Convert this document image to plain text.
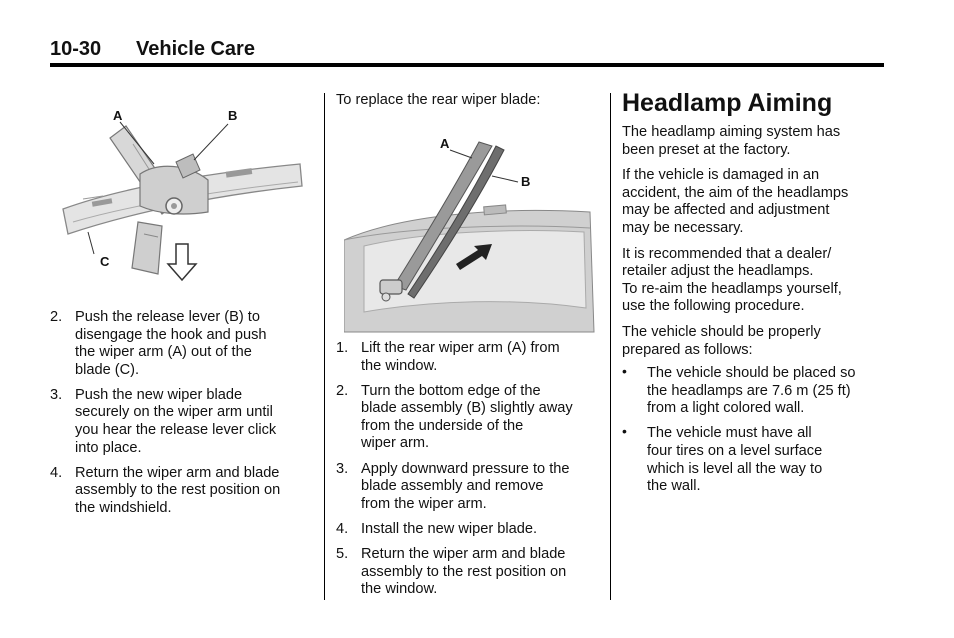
10-30 Vehicle Care
A	B
C
2. Push the release lever (B) to
disengage the hook and push
the wiper arm (A) out of the
blade (C).
3. Push the new wiper blade
securely on the wiper arm until
you hear the release lever click
into place.
4. Return the wiper arm and blade
assembly to the rest position on
the windshield.

To replace the rear wiper blade:

A
B
1. Lift the rear wiper arm (A) from
the window.
2. Turn the bottom edge of the
blade assembly (B) slightly away
from the underside of the
wiper arm.
3. Apply downward pressure to the
blade assembly and remove
from the wiper arm.
4. Install the new wiper blade.
5. Return the wiper arm and blade
assembly to the rest position on
the window.
Headlamp Aiming

The headlamp aiming system has
been preset at the factory.

If the vehicle is damaged in an
accident, the aim of the headlamps
may be affected and adjustment
may be necessary.

It is recommended that a dealer/
retailer adjust the headlamps.
To re-aim the headlamps yourself,
use the following procedure.

The vehicle should be properly
prepared as follows:

• The vehicle should be placed so
the headlamps are 7.6 m (25 ft)
from a light colored wall.
• The vehicle must have all
four tires on a level surface
which is level all the way to
the wall.
